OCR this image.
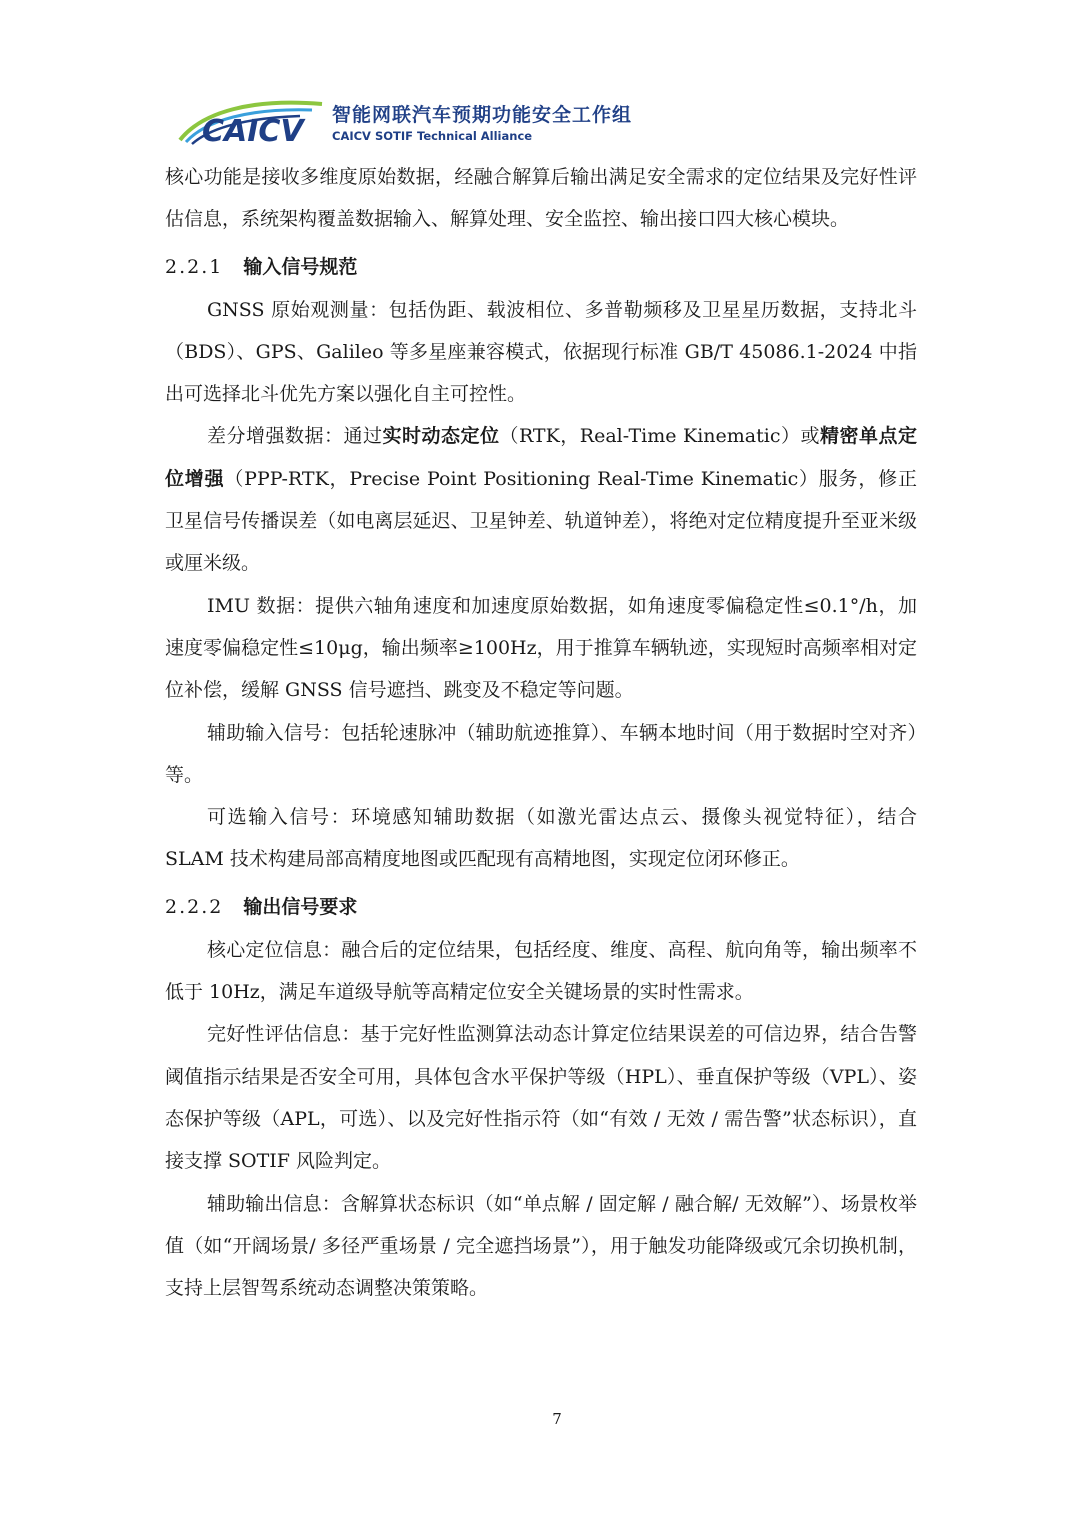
CAICV 智能网联汽车预期功能安全工作组
CAICV SOTIF Technical Alliance

核心功能是接收多维度原始数据，经融合解算后输出满足安全需求的定位结果及完好性评估信息，系统架构覆盖数据输入、解算处理、安全监控、输出接口四大核心模块。

2.2.1 输入信号规范

GNSS 原始观测量：包括伪距、载波相位、多普勒频移及卫星星历数据，支持北斗（BDS）、GPS、Galileo 等多星座兼容模式，依据现行标准 GB/T 45086.1-2024 中指出可选择北斗优先方案以强化自主可控性。

差分增强数据：通过实时动态定位（RTK，Real-Time Kinematic）或精密单点定位增强（PPP-RTK，Precise Point Positioning Real-Time Kinematic）服务，修正卫星信号传播误差（如电离层延迟、卫星钟差、轨道钟差），将绝对定位精度提升至亚米级或厘米级。

IMU 数据：提供六轴角速度和加速度原始数据，如角速度零偏稳定性≤0.1°/h，加速度零偏稳定性≤10μg，输出频率≥100Hz，用于推算车辆轨迹，实现短时高频率相对定位补偿，缓解 GNSS 信号遮挡、跳变及不稳定等问题。

辅助输入信号：包括轮速脉冲（辅助航迹推算）、车辆本地时间（用于数据时空对齐）等。

可选输入信号：环境感知辅助数据（如激光雷达点云、摄像头视觉特征），结合 SLAM 技术构建局部高精度地图或匹配现有高精地图，实现定位闭环修正。

2.2.2 输出信号要求

核心定位信息：融合后的定位结果，包括经度、维度、高程、航向角等，输出频率不低于 10Hz，满足车道级导航等高精定位安全关键场景的实时性需求。

完好性评估信息：基于完好性监测算法动态计算定位结果误差的可信边界，结合告警阈值指示结果是否安全可用，具体包含水平保护等级（HPL）、垂直保护等级（VPL）、姿态保护等级（APL，可选）、以及完好性指示符（如“有效 / 无效 / 需告警”状态标识），直接支撑 SOTIF 风险判定。

辅助输出信息：含解算状态标识（如“单点解 / 固定解 / 融合解/ 无效解”）、场景枚举值（如“开阔场景/ 多径严重场景 / 完全遮挡场景”），用于触发功能降级或冗余切换机制，支持上层智驾系统动态调整决策策略。

7
